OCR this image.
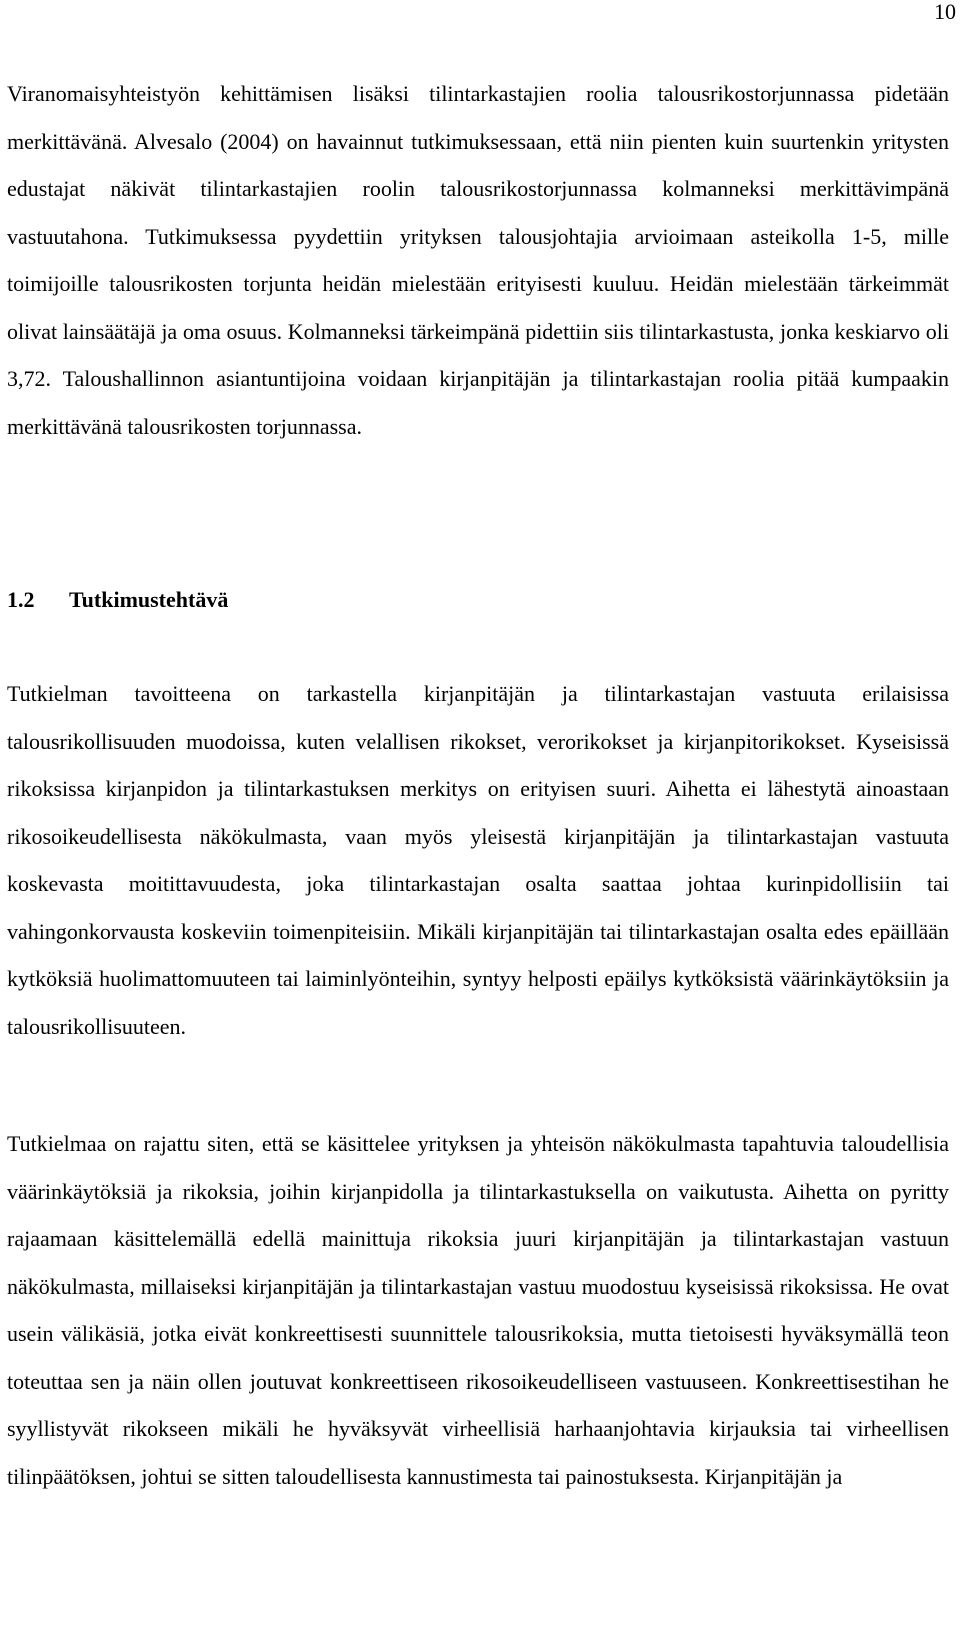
10

Viranomaisyhteistyön kehittämisen lisäksi tilintarkastajien roolia talousrikostorjunnassa pidetään merkittävänä. Alvesalo (2004) on havainnut tutkimuksessaan, että niin pienten kuin suurtenkin yritysten edustajat näkivät tilintarkastajien roolin talousrikostorjunnassa kolmanneksi merkittävimpänä vastuutahona. Tutkimuksessa pyydettiin yrityksen talousjohtajia arvioimaan asteikolla 1-5, mille toimijoille talousrikosten torjunta heidän mielestään erityisesti kuuluu. Heidän mielestään tärkeimmät olivat lainsäätäjä ja oma osuus. Kolmanneksi tärkeimpänä pidettiin siis tilintarkastusta, jonka keskiarvo oli 3,72. Taloushallinnon asiantuntijoina voidaan kirjanpitäjän ja tilintarkastajan roolia pitää kumpaakin merkittävänä talousrikosten torjunnassa.

1.2 Tutkimustehtävä

Tutkielman tavoitteena on tarkastella kirjanpitäjän ja tilintarkastajan vastuuta erilaisissa talousrikollisuuden muodoissa, kuten velallisen rikokset, verorikokset ja kirjanpitorikokset. Kyseisissä rikoksissa kirjanpidon ja tilintarkastuksen merkitys on erityisen suuri. Aihetta ei lähestytä ainoastaan rikosoikeudellisesta näkökulmasta, vaan myös yleisestä kirjanpitäjän ja tilintarkastajan vastuuta koskevasta moitittavuudesta, joka tilintarkastajan osalta saattaa johtaa kurinpidollisiin tai vahingonkorvausta koskeviin toimenpiteisiin. Mikäli kirjanpitäjän tai tilintarkastajan osalta edes epäillään kytköksiä huolimattomuuteen tai laiminlyönteihin, syntyy helposti epäilys kytköksistä väärinkäytöksiin ja talousrikollisuuteen.

Tutkielmaa on rajattu siten, että se käsittelee yrityksen ja yhteisön näkökulmasta tapahtuvia taloudellisia väärinkäytöksiä ja rikoksia, joihin kirjanpidolla ja tilintarkastuksella on vaikutusta. Aihetta on pyritty rajaamaan käsittelemällä edellä mainittuja rikoksia juuri kirjanpitäjän ja tilintarkastajan vastuun näkökulmasta, millaiseksi kirjanpitäjän ja tilintarkastajan vastuu muodostuu kyseisissä rikoksissa. He ovat usein välikäsiä, jotka eivät konkreettisesti suunnittele talousrikoksia, mutta tietoisesti hyväksymällä teon toteuttaa sen ja näin ollen joutuvat konkreettiseen rikosoikeudelliseen vastuuseen. Konkreettisestihan he syyllistyvät rikokseen mikäli he hyväksyvät virheellisiä harhaanjohtavia kirjauksia tai virheellisen tilinpäätöksen, johtui se sitten taloudellisesta kannustimesta tai painostuksesta. Kirjanpitäjän ja
